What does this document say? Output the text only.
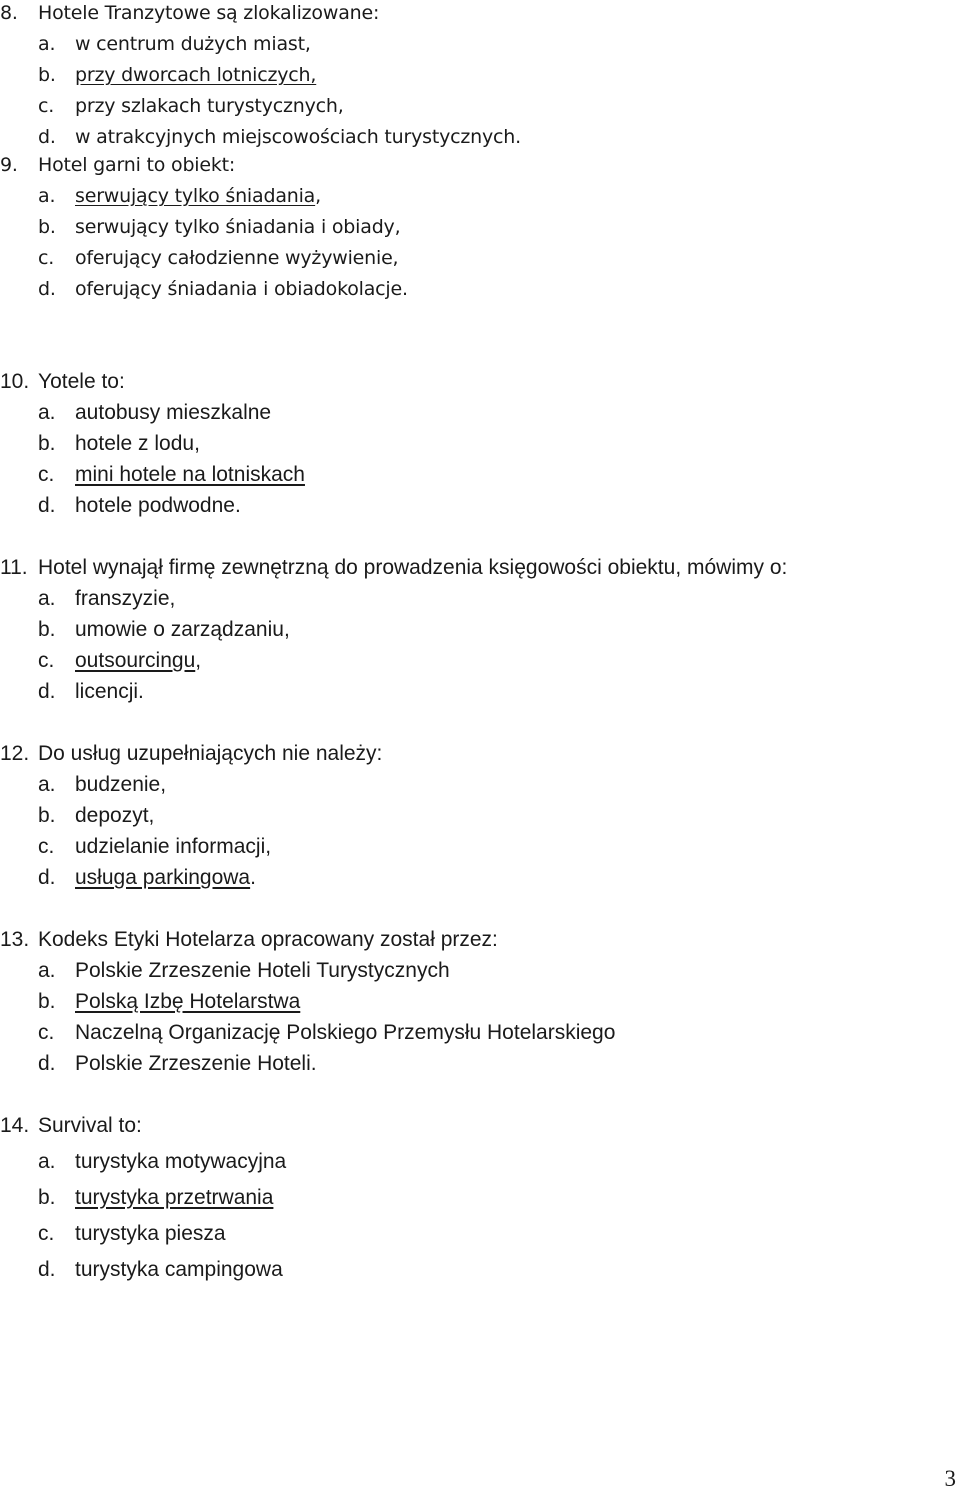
8. Hotele Tranzytowe są zlokalizowane:
a. w centrum dużych miast,
b. przy dworcach lotniczych,
c. przy szlakach turystycznych,
d. w atrakcyjnych miejscowościach turystycznych.
9. Hotel garni to obiekt:
a. serwujący tylko śniadania,
b. serwujący tylko śniadania i obiady,
c. oferujący całodzienne wyżywienie,
d. oferujący śniadania i obiadokolacje.
10. Yotele to:
a. autobusy mieszkalne
b. hotele z lodu,
c. mini hotele na lotniskach
d. hotele podwodne.
11. Hotel wynajął firmę zewnętrzną do prowadzenia księgowości obiektu, mówimy o:
a. franszyzie,
b. umowie o zarządzaniu,
c. outsourcingu,
d. licencji.
12. Do usług uzupełniających nie należy:
a. budzenie,
b. depozyt,
c. udzielanie informacji,
d. usługa parkingowa.
13. Kodeks Etyki Hotelarza opracowany został przez:
a. Polskie Zrzeszenie Hoteli Turystycznych
b. Polską Izbę Hotelarstwa
c. Naczelną Organizację Polskiego Przemysłu Hotelarskiego
d. Polskie Zrzeszenie Hoteli.
14. Survival to:
a. turystyka motywacyjna
b. turystyka przetrwania
c. turystyka piesza
d. turystyka campingowa
3
